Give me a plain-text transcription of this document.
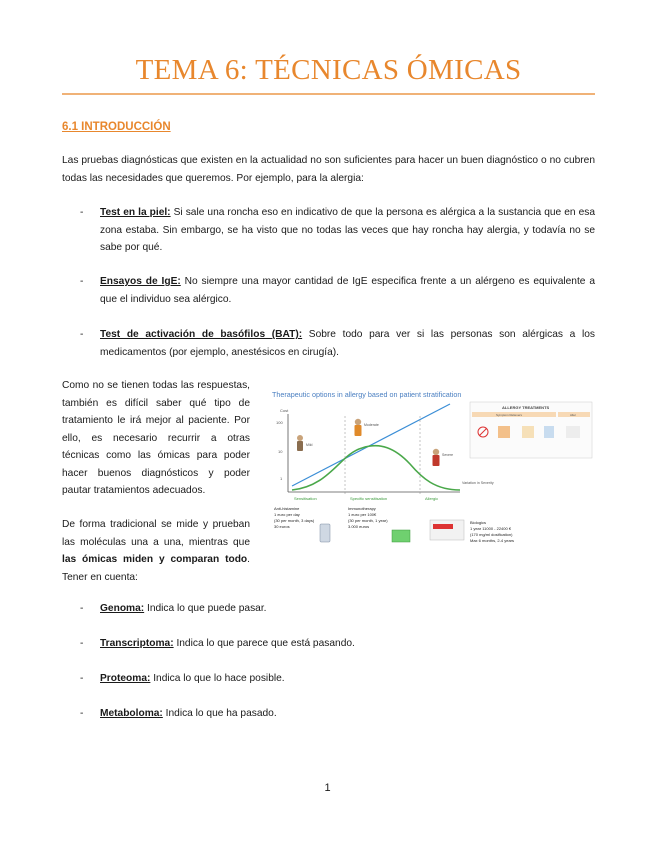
TEMA 6: TÉCNICAS ÓMICAS
6.1 INTRODUCCIÓN

Las pruebas diagnósticas que existen en la actualidad no son suficientes para hacer un buen diagnóstico o no cubren todas las necesidades que queremos. Por ejemplo, para la alergia:

- Test en la piel: Si sale una roncha eso en indicativo de que la persona es alérgica a la sustancia que en esa zona estaba. Sin embargo, se ha visto que no todas las veces que hay roncha hay alergia, y todavía no se sabe por qué.

- Ensayos de IgE: No siempre una mayor cantidad de IgE especifica frente a un alérgeno es equivalente a que el individuo sea alérgico.

- Test de activación de basófilos (BAT): Sobre todo para ver si las personas son alérgicas a los medicamentos (por ejemplo, anestésicos en cirugía).

Como no se tienen todas las respuestas, también es difícil saber qué tipo de tratamiento le irá mejor al paciente. Por ello, es necesario recurrir a otras técnicas como las ómicas para poder hacer buenos diagnósticos y poder pautar tratamientos adecuados.

De forma tradicional se mide y prueban las moléculas una a una, mientras que las ómicas miden y comparan todo. Tener en cuenta:

Therapeutic options in allergy based on patient stratification
Cost
100
10
1
Mild
Moderate
Severe
Sensitisation	Specific sensitisation	Allergic
Variation in Severity
Anti-histamine
1 euro per day
(30 per month, 3 days)
30 euros
Immunotherapy
1 euro per 100€
(30 per month, 1 year)
3.000 euros
Biologics
1 year 11000 - 22400 €
(170 mg/ml dosification)
Max 6 months, 2-4 years
ALLERGY TREATMENTS
Symptom Relievers	Aller
- Genoma: Indica lo que puede pasar.

- Transcriptoma: Indica lo que parece que está pasando.

- Proteoma: Indica lo que lo hace posible.

- Metaboloma: Indica lo que ha pasado.

1
